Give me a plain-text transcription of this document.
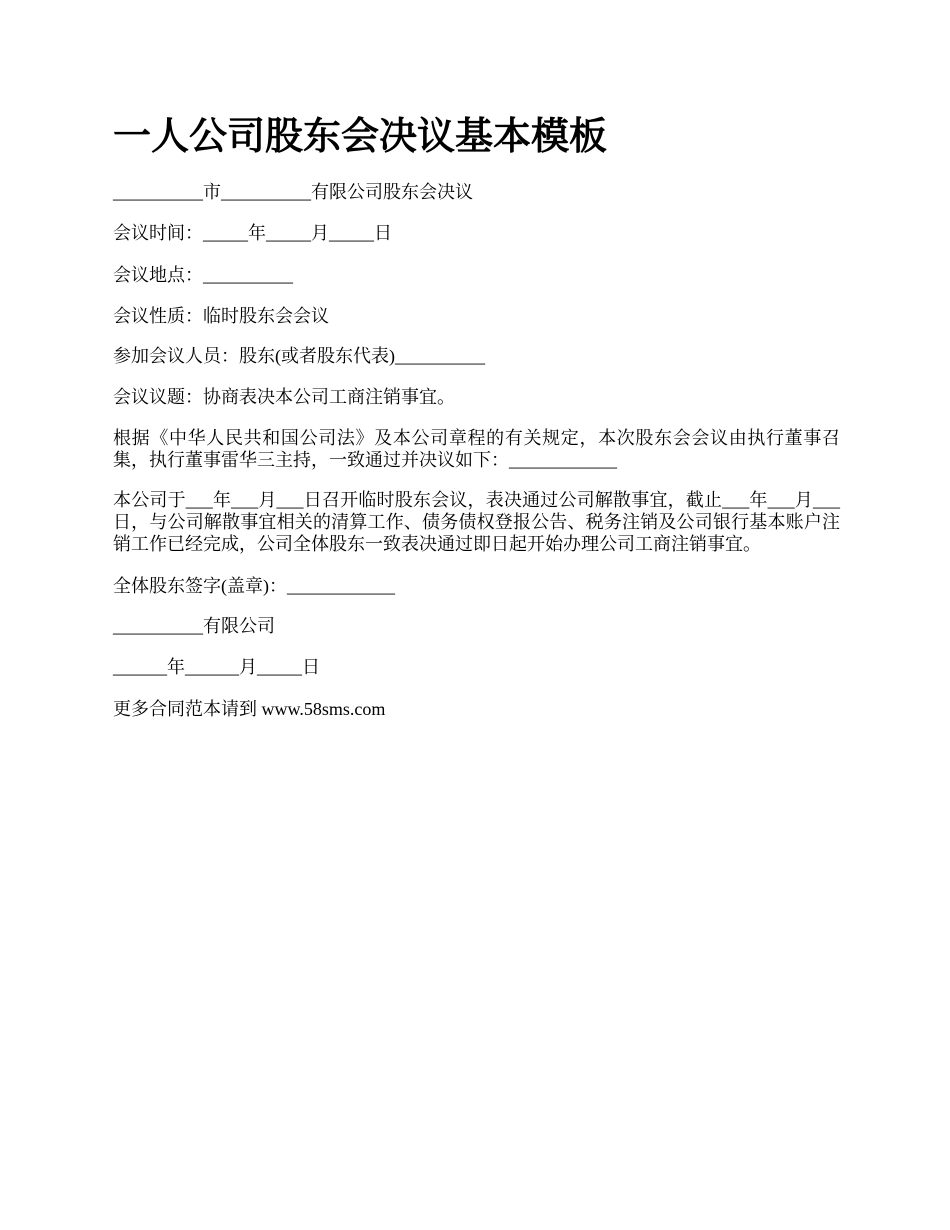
一人公司股东会决议基本模板

__________市__________有限公司股东会决议

会议时间：_____年_____月_____日

会议地点：__________

会议性质：临时股东会会议

参加会议人员：股东(或者股东代表)__________

会议议题：协商表决本公司工商注销事宜。

根据《中华人民共和国公司法》及本公司章程的有关规定，本次股东会会议由执行董事召集，执行董事雷华三主持，一致通过并决议如下：____________

本公司于___年___月___日召开临时股东会议，表决通过公司解散事宜，截止___年___月___日，与公司解散事宜相关的清算工作、债务债权登报公告、税务注销及公司银行基本账户注销工作已经完成，公司全体股东一致表决通过即日起开始办理公司工商注销事宜。

全体股东签字(盖章)：____________

__________有限公司

______年______月_____日

更多合同范本请到 www.58sms.com
